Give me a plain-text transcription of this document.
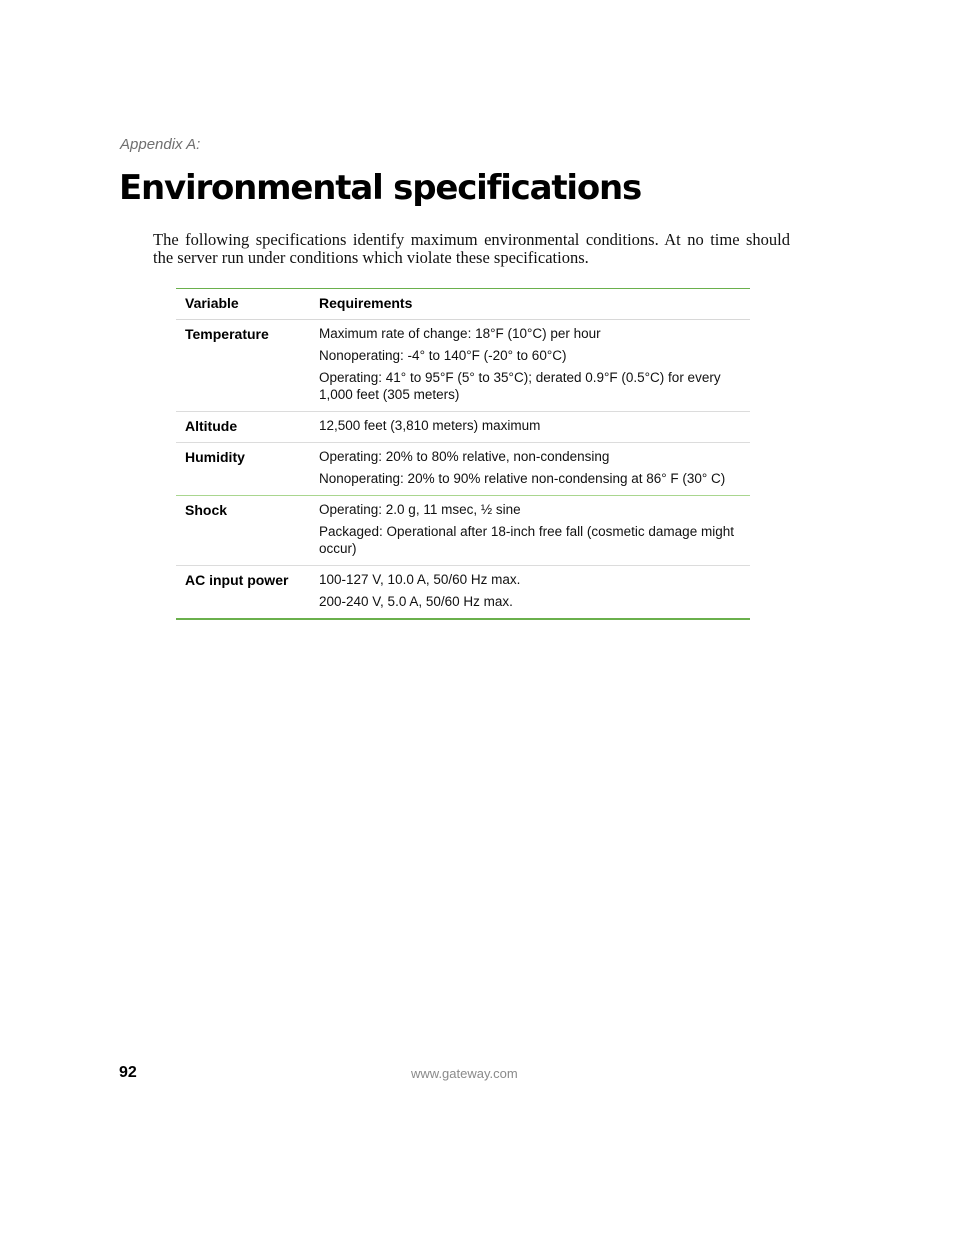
Appendix A:
Environmental specifications

The following specifications identify maximum environmental conditions. At no time should the server run under conditions which violate these specifications.

Variable	Requirements
Temperature	Maximum rate of change: 18°F (10°C) per hour

Nonoperating: -4° to 140°F (-20° to 60°C)

Operating: 41° to 95°F (5° to 35°C); derated 0.9°F (0.5°C) for every 1,000 feet (305 meters)

Altitude	12,500 feet (3,810 meters) maximum

Humidity	Operating: 20% to 80% relative, non-condensing

Nonoperating: 20% to 90% relative non-condensing at 86° F (30° C)

Shock	Operating: 2.0 g, 11 msec, ½ sine

Packaged: Operational after 18-inch free fall (cosmetic damage might occur)

AC input power	100-127 V, 10.0 A, 50/60 Hz max.

200-240 V, 5.0 A, 50/60 Hz max.

92	www.gateway.com
